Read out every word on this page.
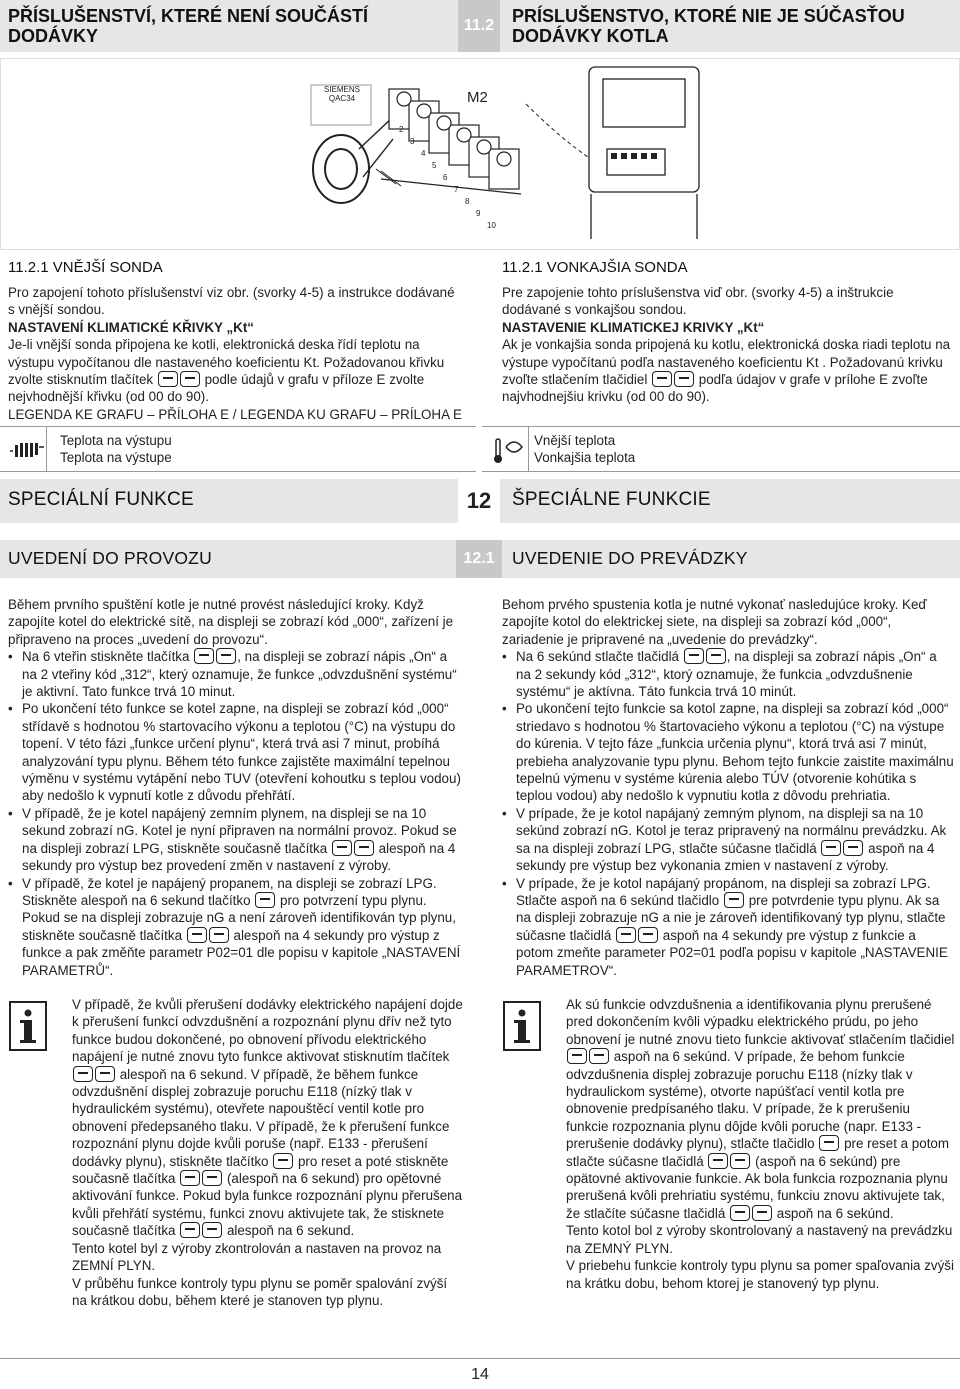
PŘÍSLUŠENSTVÍ, KTERÉ NENÍ SOUČÁSTÍ DODÁVKY
11.2 PRÍSLUŠENSTVO, KTORÉ NIE JE SÚČASŤOU DODÁVKY KOTLA
SIEMENS
QAC34	M2
2
3
4
5
6
7
8
9
10
11.2.1 VNĚJŠÍ SONDA

Pro zapojení tohoto příslušenství viz obr. (svorky 4-5) a instrukce dodávané s vnější sondou.

NASTAVENÍ KLIMATICKÉ KŘIVKY „Kt“

Je-li vnější sonda připojena ke kotli, elektronická deska řídí teplotu na výstupu vypočítanou dle nastaveného koeficientu Kt. Požadovanou křivku zvolte stisknutím tlačítek	podle údajů v grafu v příloze E zvolte nejvhodnější křivku (od 00 do 90).

LEGENDA KE GRAFU – PŘÍLOHA E / LEGENDA KU GRAFU – PRÍLOHA E
11.2.1 VONKAJŠIA SONDA

Pre zapojenie tohto príslušenstva viď obr. (svorky 4-5) a inštrukcie dodávané s vonkajšou sondou.

NASTAVENIE KLIMATICKEJ KRIVKY „Kt“

Ak je vonkajšia sonda pripojená ku kotlu, elektronická doska riadi teplotu na výstupe vypočítanú podľa nastaveného koeficientu Kt . Požadovanú krivku zvoľte stlačením tlačidiel	podľa údajov v grafe v prílohe E zvoľte najvhodnejšiu krivku (od 00 do 90).

Teplota na výstupu
Teplota na výstupe
Vnější teplota
Vonkajšia teplota
SPECIÁLNÍ FUNKCE	12	ŠPECIÁLNE FUNKCIE
UVEDENÍ DO PROVOZU	12.1 UVEDENIE DO PREVÁDZKY

Během prvního spuštění kotle je nutné provést následující kroky. Když zapojíte kotel do elektrické sítě, na displeji se zobrazí kód „000“, zařízení je připraveno na proces „uvedení do provozu“.

• Na 6 vteřin stiskněte tlačítka	, na displeji se zobrazí nápis „On“ a na 2 vteřiny kód „312“, který oznamuje, že funkce „odvzdušnění systému“ je aktivní. Tato funkce trvá 10 minut.
• Po ukončení této funkce se kotel zapne, na displeji se zobrazí kód „000“ střídavě s hodnotou % startovacího výkonu a teplotou (°C) na výstupu do topení. V této fázi „funkce určení plynu“, která trvá asi 7 minut, probíhá analyzování typu plynu. Během této funkce zajistěte maximální tepelnou výměnu v systému vytápění nebo TUV (otevření kohoutku s teplou vodou) aby nedošlo k vypnutí kotle z důvodu přehřátí.
• V případě, že je kotel napájený zemním plynem, na displeji se na 10 sekund zobrazí nG. Kotel je nyní připraven na normální provoz. Pokud se na displeji zobrazí LPG, stiskněte současně tlačítka	alespoň na 4 sekundy pro výstup bez provedení změn v nastavení z výroby.
• V případě, že kotel je napájený propanem, na displeji se zobrazí LPG. Stiskněte alespoň na 6 sekund tlačítko pro potvrzení typu plynu. Pokud se na displeji zobrazuje nG a není zároveň identifikován typ plynu, stiskněte současně tlačítka	alespoň na 4 sekundy pro výstup z funkce a pak změňte parametr P02=01 dle popisu v kapitole „NASTAVENÍ PARAMETRŮ“.

V případě, že kvůli přerušení dodávky elektrického napájení dojde k přerušení funkcí odvzdušnění a rozpoznání plynu dřív než tyto funkce budou dokončené, po obnovení přívodu elektrického napájení je nutné znovu tyto funkce aktivovat stisknutím tlačítek  alespoň na 6 sekund. V případě, že během funkce odvzdušnění displej zobrazuje poruchu E118 (nízký tlak v hydraulickém systému), otevřete napouštěcí ventil kotle pro obnovení předepsaného tlaku. V případě, že k přerušení funkce rozpoznání plynu dojde kvůli poruše (např. E133 - přerušení dodávky plynu), stiskněte tlačítko pro reset a poté stiskněte současně tlačítka	(alespoň na 6 sekund) pro opětovné aktivování funkce. Pokud byla funkce rozpoznání plynu přerušena kvůli přehřátí systému, funkci znovu aktivujete tak, že stisknete současně tlačítka	alespoň na 6 sekund.

Tento kotel byl z výroby zkontrolován a nastaven na provoz na ZEMNÍ PLYN.

V průběhu funkce kontroly typu plynu se poměr spalování zvýší na krátkou dobu, během které je stanoven typ plynu.

Behom prvého spustenia kotla je nutné vykonať nasledujúce kroky. Keď zapojíte kotol do elektrickej siete, na displeji sa zobrazí kód „000“, zariadenie je pripravené na „uvedenie do prevádzky“.

• Na 6 sekúnd stlačte tlačidlá	, na displeji sa zobrazí nápis „On“ a na 2 sekundy kód „312“, ktorý oznamuje, že funkcia „odvzdušnenie systému“ je aktívna. Táto funkcia trvá 10 minút.
• Po ukončení tejto funkcie sa kotol zapne, na displeji sa zobrazí kód „000“ striedavo s hodnotou % štartovacieho výkonu a teplotou (°C) na výstupe do kúrenia. V tejto fáze „funkcia určenia plynu“, ktorá trvá asi 7 minút, prebieha analyzovanie typu plynu. Behom tejto funkcie zaistite maximálnu tepelnú výmenu v systéme kúrenia alebo TÚV (otvorenie kohútika s teplou vodou) aby nedošlo k vypnutiu kotla z dôvodu prehriatia.
• V prípade, že je kotol napájaný zemným plynom, na displeji sa na 10 sekúnd zobrazí nG. Kotol je teraz pripravený na normálnu prevádzku. Ak sa na displeji zobrazí LPG, stlačte súčasne tlačidlá	aspoň na 4 sekundy pre výstup bez vykonania zmien v nastavení z výroby.
• V prípade, že je kotol napájaný propánom, na displeji sa zobrazí LPG. Stlačte aspoň na 6 sekúnd tlačidlo pre potvrdenie typu plynu. Ak sa na displeji zobrazuje nG a nie je zároveň identifikovaný typ plynu, stlačte súčasne tlačidlá	aspoň na 4 sekundy pre výstup z funkcie a potom zmeňte parameter P02=01 podľa popisu v kapitole „NASTAVENIE PARAMETROV“.

Ak sú funkcie odvzdušnenia a identifikovania plynu prerušené pred dokončením kvôli výpadku elektrického prúdu, po jeho obnovení je nutné znovu tieto funkcie aktivovať stlačením tlačidiel  aspoň na 6 sekúnd. V prípade, že behom funkcie odvzdušnenia displej zobrazuje poruchu E118 (nízky tlak v hydraulickom systéme), otvorte napúšťací ventil kotla pre obnovenie predpísaného tlaku. V prípade, že k prerušeniu funkcie rozpoznania plynu dôjde kvôli poruche (napr. E133 - prerušenie dodávky plynu), stlačte tlačidlo pre reset a potom stlačte súčasne tlačidlá	(aspoň na 6 sekúnd) pre opätovné aktivovanie funkcie. Ak bola funkcia rozpoznania plynu prerušená kvôli prehriatiu systému, funkciu znovu aktivujete tak, že stlačíte súčasne tlačidlá	aspoň na 6 sekúnd.

Tento kotol bol z výroby skontrolovaný a nastavený na prevádzku na ZEMNÝ PLYN.

V priebehu funkcie kontroly typu plynu sa pomer spaľovania zvýši na krátku dobu, behom ktorej je stanovený typ plynu.

14
